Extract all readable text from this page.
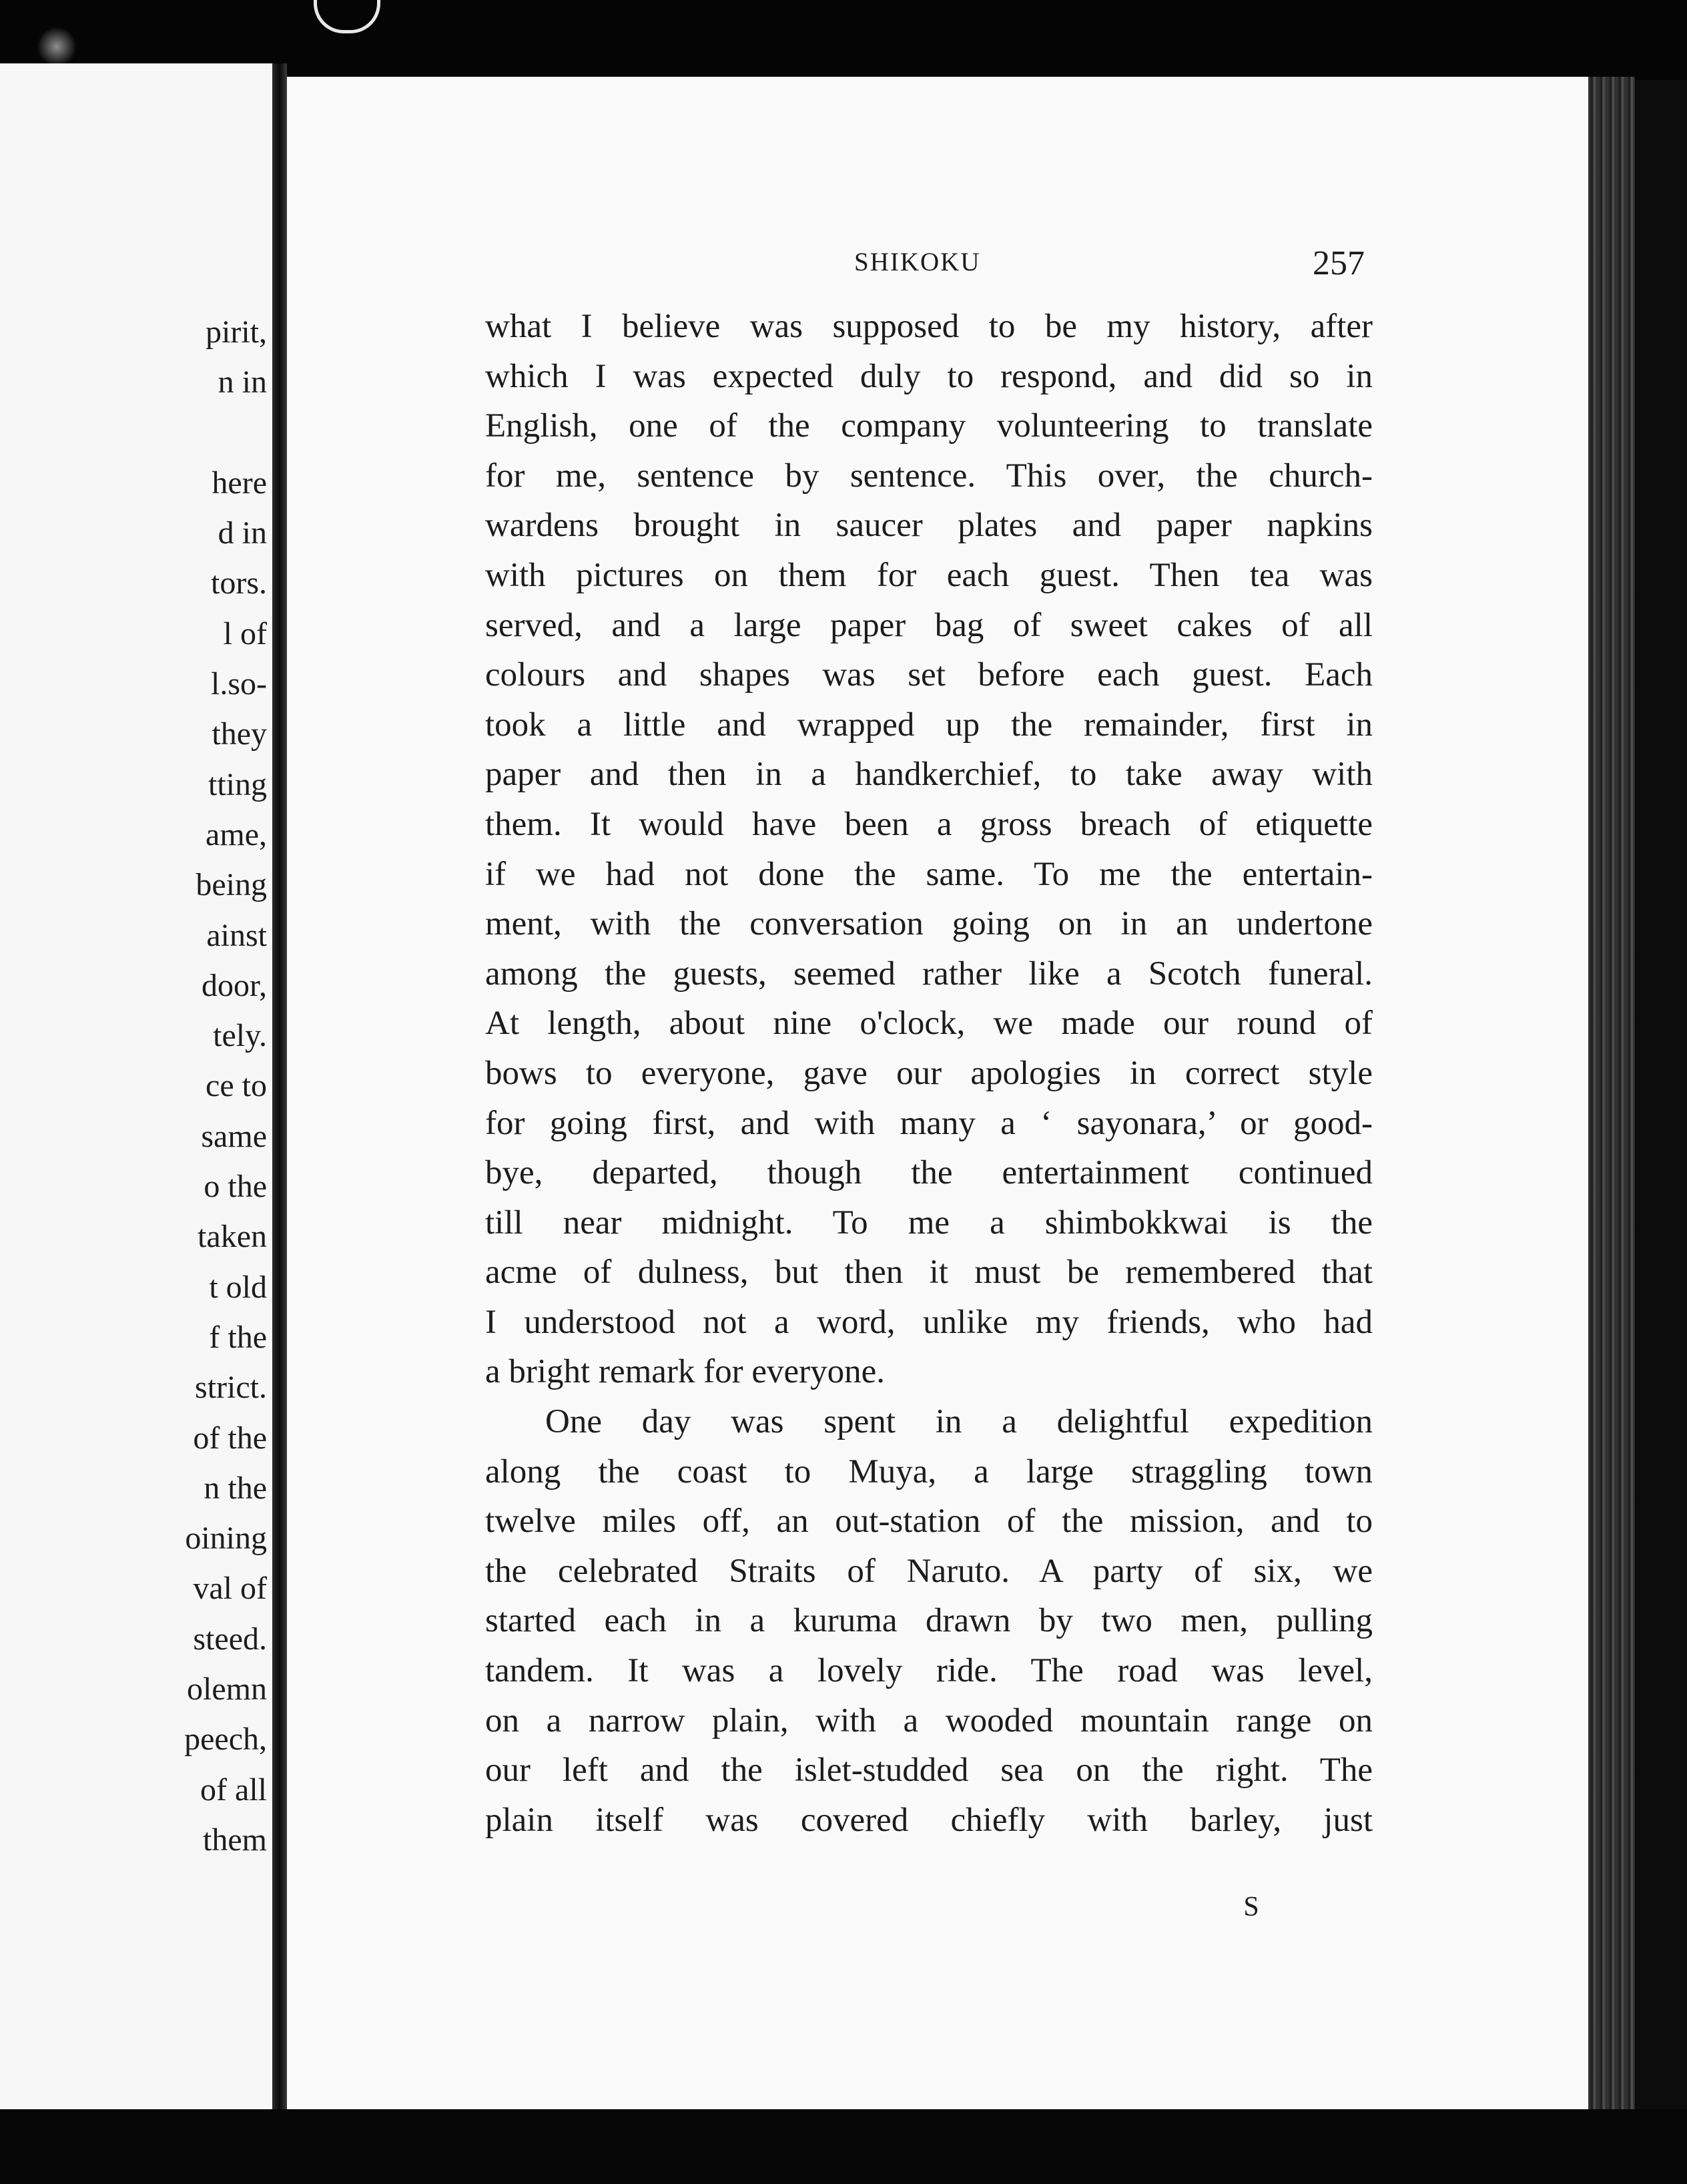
pirit,
n in
here
d in
tors.
l of
l.so-
they
tting
ame,
being
ainst
door,
tely.
ce to
same
o the
taken
t old
f the
strict.
of the
n the
oining
val of
steed.
olemn
peech,
of all
them
SHIKOKU	257
what I believe was supposed to be my history, after
which I was expected duly to respond, and did so in
English, one of the company volunteering to translate
for me, sentence by sentence. This over, the church-
wardens brought in saucer plates and paper napkins
with pictures on them for each guest. Then tea was
served, and a large paper bag of sweet cakes of all
colours and shapes was set before each guest. Each
took a little and wrapped up the remainder, first in
paper and then in a handkerchief, to take away with
them. It would have been a gross breach of etiquette
if we had not done the same. To me the entertain-
ment, with the conversation going on in an undertone
among the guests, seemed rather like a Scotch funeral.
At length, about nine o'clock, we made our round of
bows to everyone, gave our apologies in correct style
for going first, and with many a ‘ sayonara,’ or good-
bye, departed, though the entertainment continued
till near midnight. To me a shimbokkwai is the
acme of dulness, but then it must be remembered that
I understood not a word, unlike my friends, who had
a bright remark for everyone.
One day was spent in a delightful expedition
along the coast to Muya, a large straggling town
twelve miles off, an out-station of the mission, and to
the celebrated Straits of Naruto. A party of six, we
started each in a kuruma drawn by two men, pulling
tandem. It was a lovely ride. The road was level,
on a narrow plain, with a wooded mountain range on
our left and the islet-studded sea on the right. The
plain itself was covered chiefly with barley, just
S
